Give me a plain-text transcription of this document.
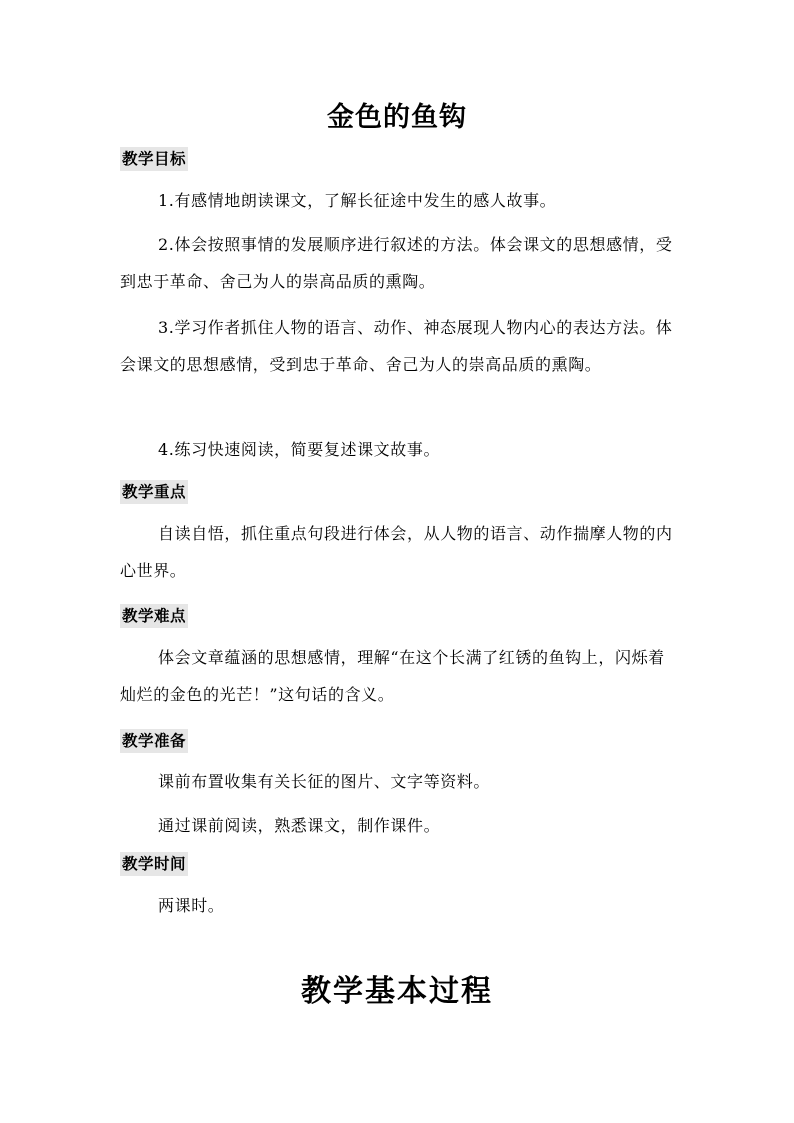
金色的鱼钩
教学目标

1.有感情地朗读课文，了解长征途中发生的感人故事。

2.体会按照事情的发展顺序进行叙述的方法。体会课文的思想感情，受到忠于革命、舍己为人的崇高品质的熏陶。

3.学习作者抓住人物的语言、动作、神态展现人物内心的表达方法。体会课文的思想感情，受到忠于革命、舍己为人的崇高品质的熏陶。

4.练习快速阅读，简要复述课文故事。

教学重点

自读自悟，抓住重点句段进行体会，从人物的语言、动作揣摩人物的内心世界。

教学难点

体会文章蕴涵的思想感情，理解“在这个长满了红锈的鱼钩上，闪烁着灿烂的金色的光芒！”这句话的含义。

教学准备

课前布置收集有关长征的图片、文字等资料。

通过课前阅读，熟悉课文，制作课件。

教学时间

两课时。

教学基本过程
